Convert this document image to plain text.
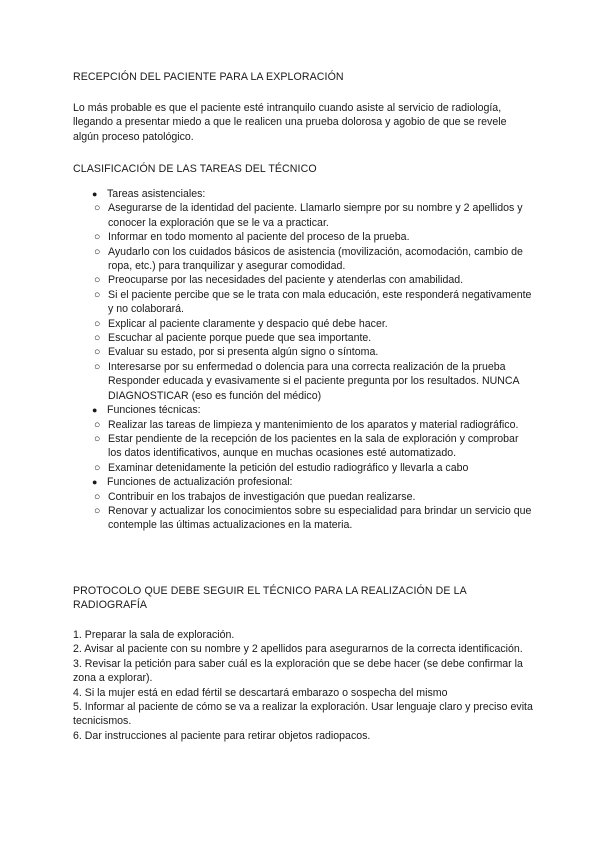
RECEPCIÓN DEL PACIENTE PARA LA EXPLORACIÓN

Lo más probable es que el paciente esté intranquilo cuando asiste al servicio de radiología, llegando a presentar miedo a que le realicen una prueba dolorosa y agobio de que se revele algún proceso patológico.

CLASIFICACIÓN DE LAS TAREAS DEL TÉCNICO
● Tareas asistenciales:
○ Asegurarse de la identidad del paciente. Llamarlo siempre por su nombre y 2 apellidos y conocer la exploración que se le va a practicar.
○ Informar en todo momento al paciente del proceso de la prueba.
○ Ayudarlo con los cuidados básicos de asistencia (movilización, acomodación, cambio de ropa, etc.) para tranquilizar y asegurar comodidad.
○ Preocuparse por las necesidades del paciente y atenderlas con amabilidad.
○ Si el paciente percibe que se le trata con mala educación, este responderá negativamente y no colaborará.
○ Explicar al paciente claramente y despacio qué debe hacer.
○ Escuchar al paciente porque puede que sea importante.
○ Evaluar su estado, por si presenta algún signo o síntoma.
○ Interesarse por su enfermedad o dolencia para una correcta realización de la prueba Responder educada y evasivamente si el paciente pregunta por los resultados. NUNCA DIAGNOSTICAR (eso es función del médico)
● Funciones técnicas:
○ Realizar las tareas de limpieza y mantenimiento de los aparatos y material radiográfico.
○ Estar pendiente de la recepción de los pacientes en la sala de exploración y comprobar los datos identificativos, aunque en muchas ocasiones esté automatizado.
○ Examinar detenidamente la petición del estudio radiográfico y llevarla a cabo
● Funciones de actualización profesional:
○ Contribuir en los trabajos de investigación que puedan realizarse.
○ Renovar y actualizar los conocimientos sobre su especialidad para brindar un servicio que contemple las últimas actualizaciones en la materia.
PROTOCOLO QUE DEBE SEGUIR EL TÉCNICO PARA LA REALIZACIÓN DE LA RADIOGRAFÍA

1. Preparar la sala de exploración.

2. Avisar al paciente con su nombre y 2 apellidos para asegurarnos de la correcta identificación.

3. Revisar la petición para saber cuál es la exploración que se debe hacer (se debe confirmar la zona a explorar).

4. Si la mujer está en edad fértil se descartará embarazo o sospecha del mismo

5. Informar al paciente de cómo se va a realizar la exploración. Usar lenguaje claro y preciso evita tecnicismos.

6. Dar instrucciones al paciente para retirar objetos radiopacos.
